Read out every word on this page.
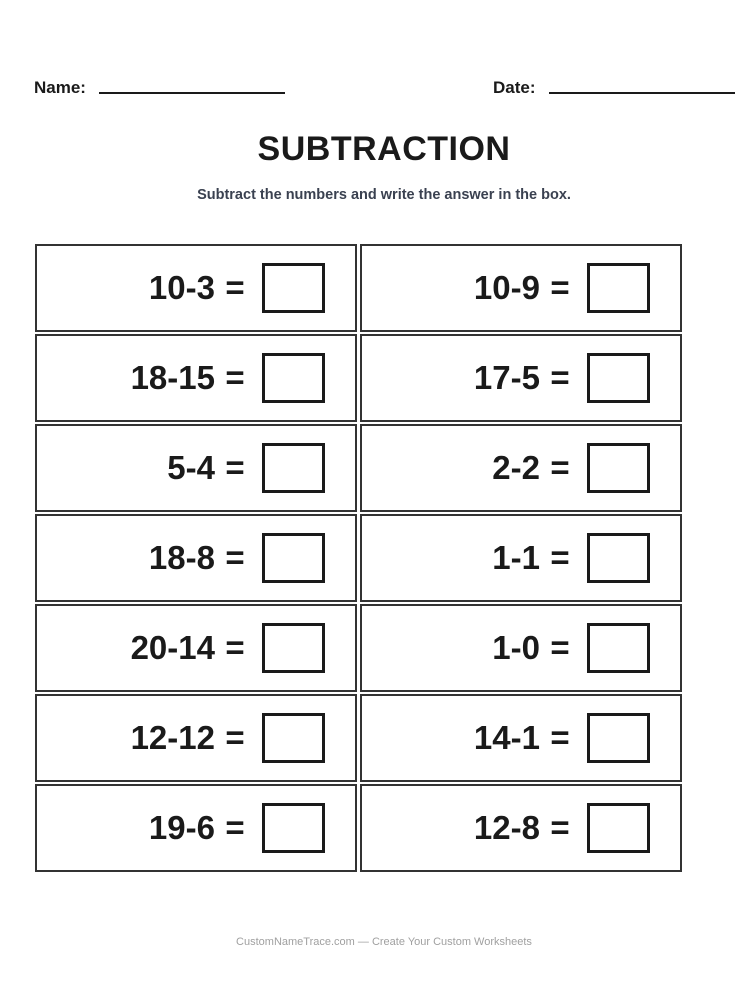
Name:	Date:
SUBTRACTION
Subtract the numbers and write the answer in the box.
10 - 3 =	10 - 9 =
18 - 15 =	17 - 5 =
5 - 4 =	2 - 2 =
18 - 8 =	1 - 1 =
20 - 14 =	1 - 0 =
12 - 12 =	14 - 1 =
19 - 6 =	12 - 8 =
CustomNameTrace.com — Create Your Custom Worksheets
